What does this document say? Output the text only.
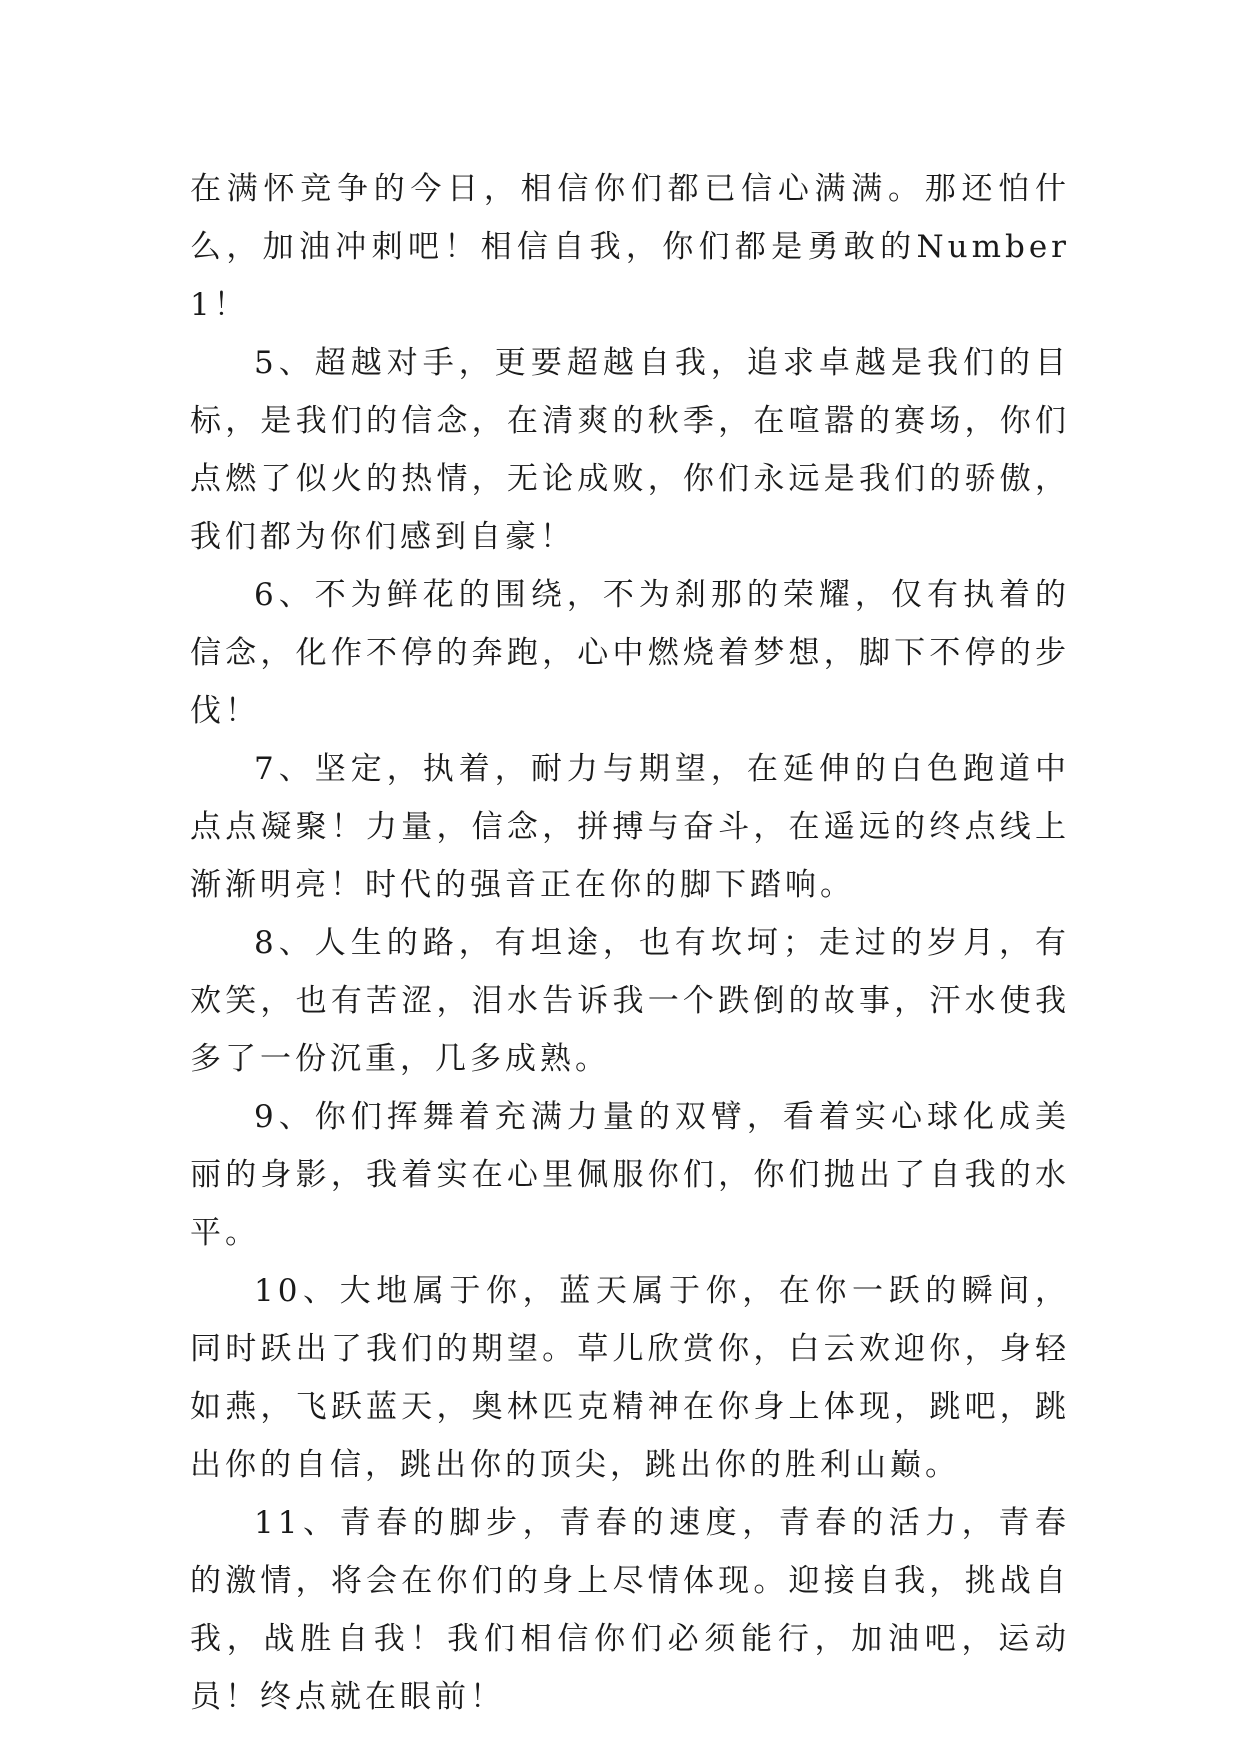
在满怀竞争的今日，相信你们都已信心满满。那还怕什么，加油冲刺吧！相信自我，你们都是勇敢的Number1！

5、超越对手，更要超越自我，追求卓越是我们的目标，是我们的信念，在清爽的秋季，在喧嚣的赛场，你们点燃了似火的热情，无论成败，你们永远是我们的骄傲，我们都为你们感到自豪！

6、不为鲜花的围绕，不为刹那的荣耀，仅有执着的信念，化作不停的奔跑，心中燃烧着梦想，脚下不停的步伐！

7、坚定，执着，耐力与期望，在延伸的白色跑道中点点凝聚！力量，信念，拼搏与奋斗，在遥远的终点线上渐渐明亮！时代的强音正在你的脚下踏响。

8、人生的路，有坦途，也有坎坷；走过的岁月，有欢笑，也有苦涩，泪水告诉我一个跌倒的故事，汗水使我多了一份沉重，几多成熟。

9、你们挥舞着充满力量的双臂，看着实心球化成美丽的身影，我着实在心里佩服你们，你们抛出了自我的水平。

10、大地属于你，蓝天属于你，在你一跃的瞬间，同时跃出了我们的期望。草儿欣赏你，白云欢迎你，身轻如燕，飞跃蓝天，奥林匹克精神在你身上体现，跳吧，跳出你的自信，跳出你的顶尖，跳出你的胜利山巅。

11、青春的脚步，青春的速度，青春的活力，青春的激情，将会在你们的身上尽情体现。迎接自我，挑战自我，战胜自我！我们相信你们必须能行，加油吧，运动员！终点就在眼前！
